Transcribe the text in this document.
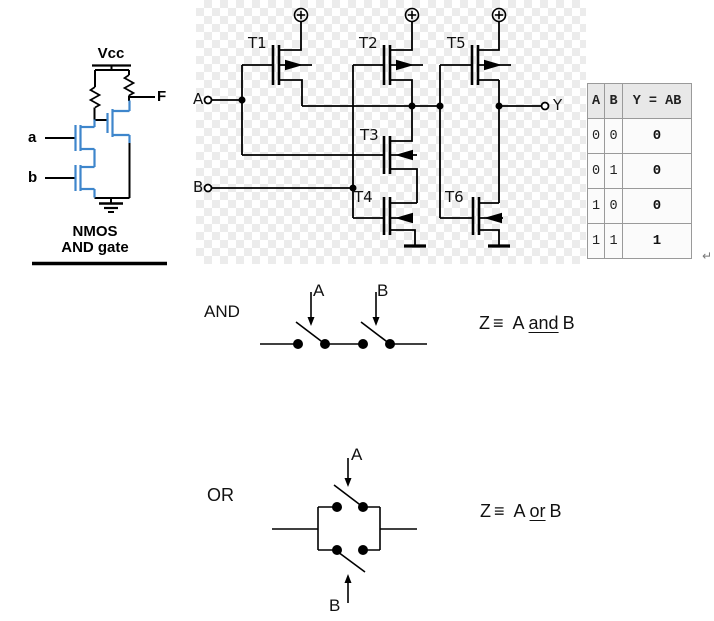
Vcc
a
b
F
NMOS
AND gate
T1	T2	T5
T3
T4	T6
A
B
Y A	B	Y = AB
0	0	0
0	1	0
1	0	0
1	1	1
↵
AND
A	B
Z ≡ A and B
OR
A
B
Z ≡ A or B
